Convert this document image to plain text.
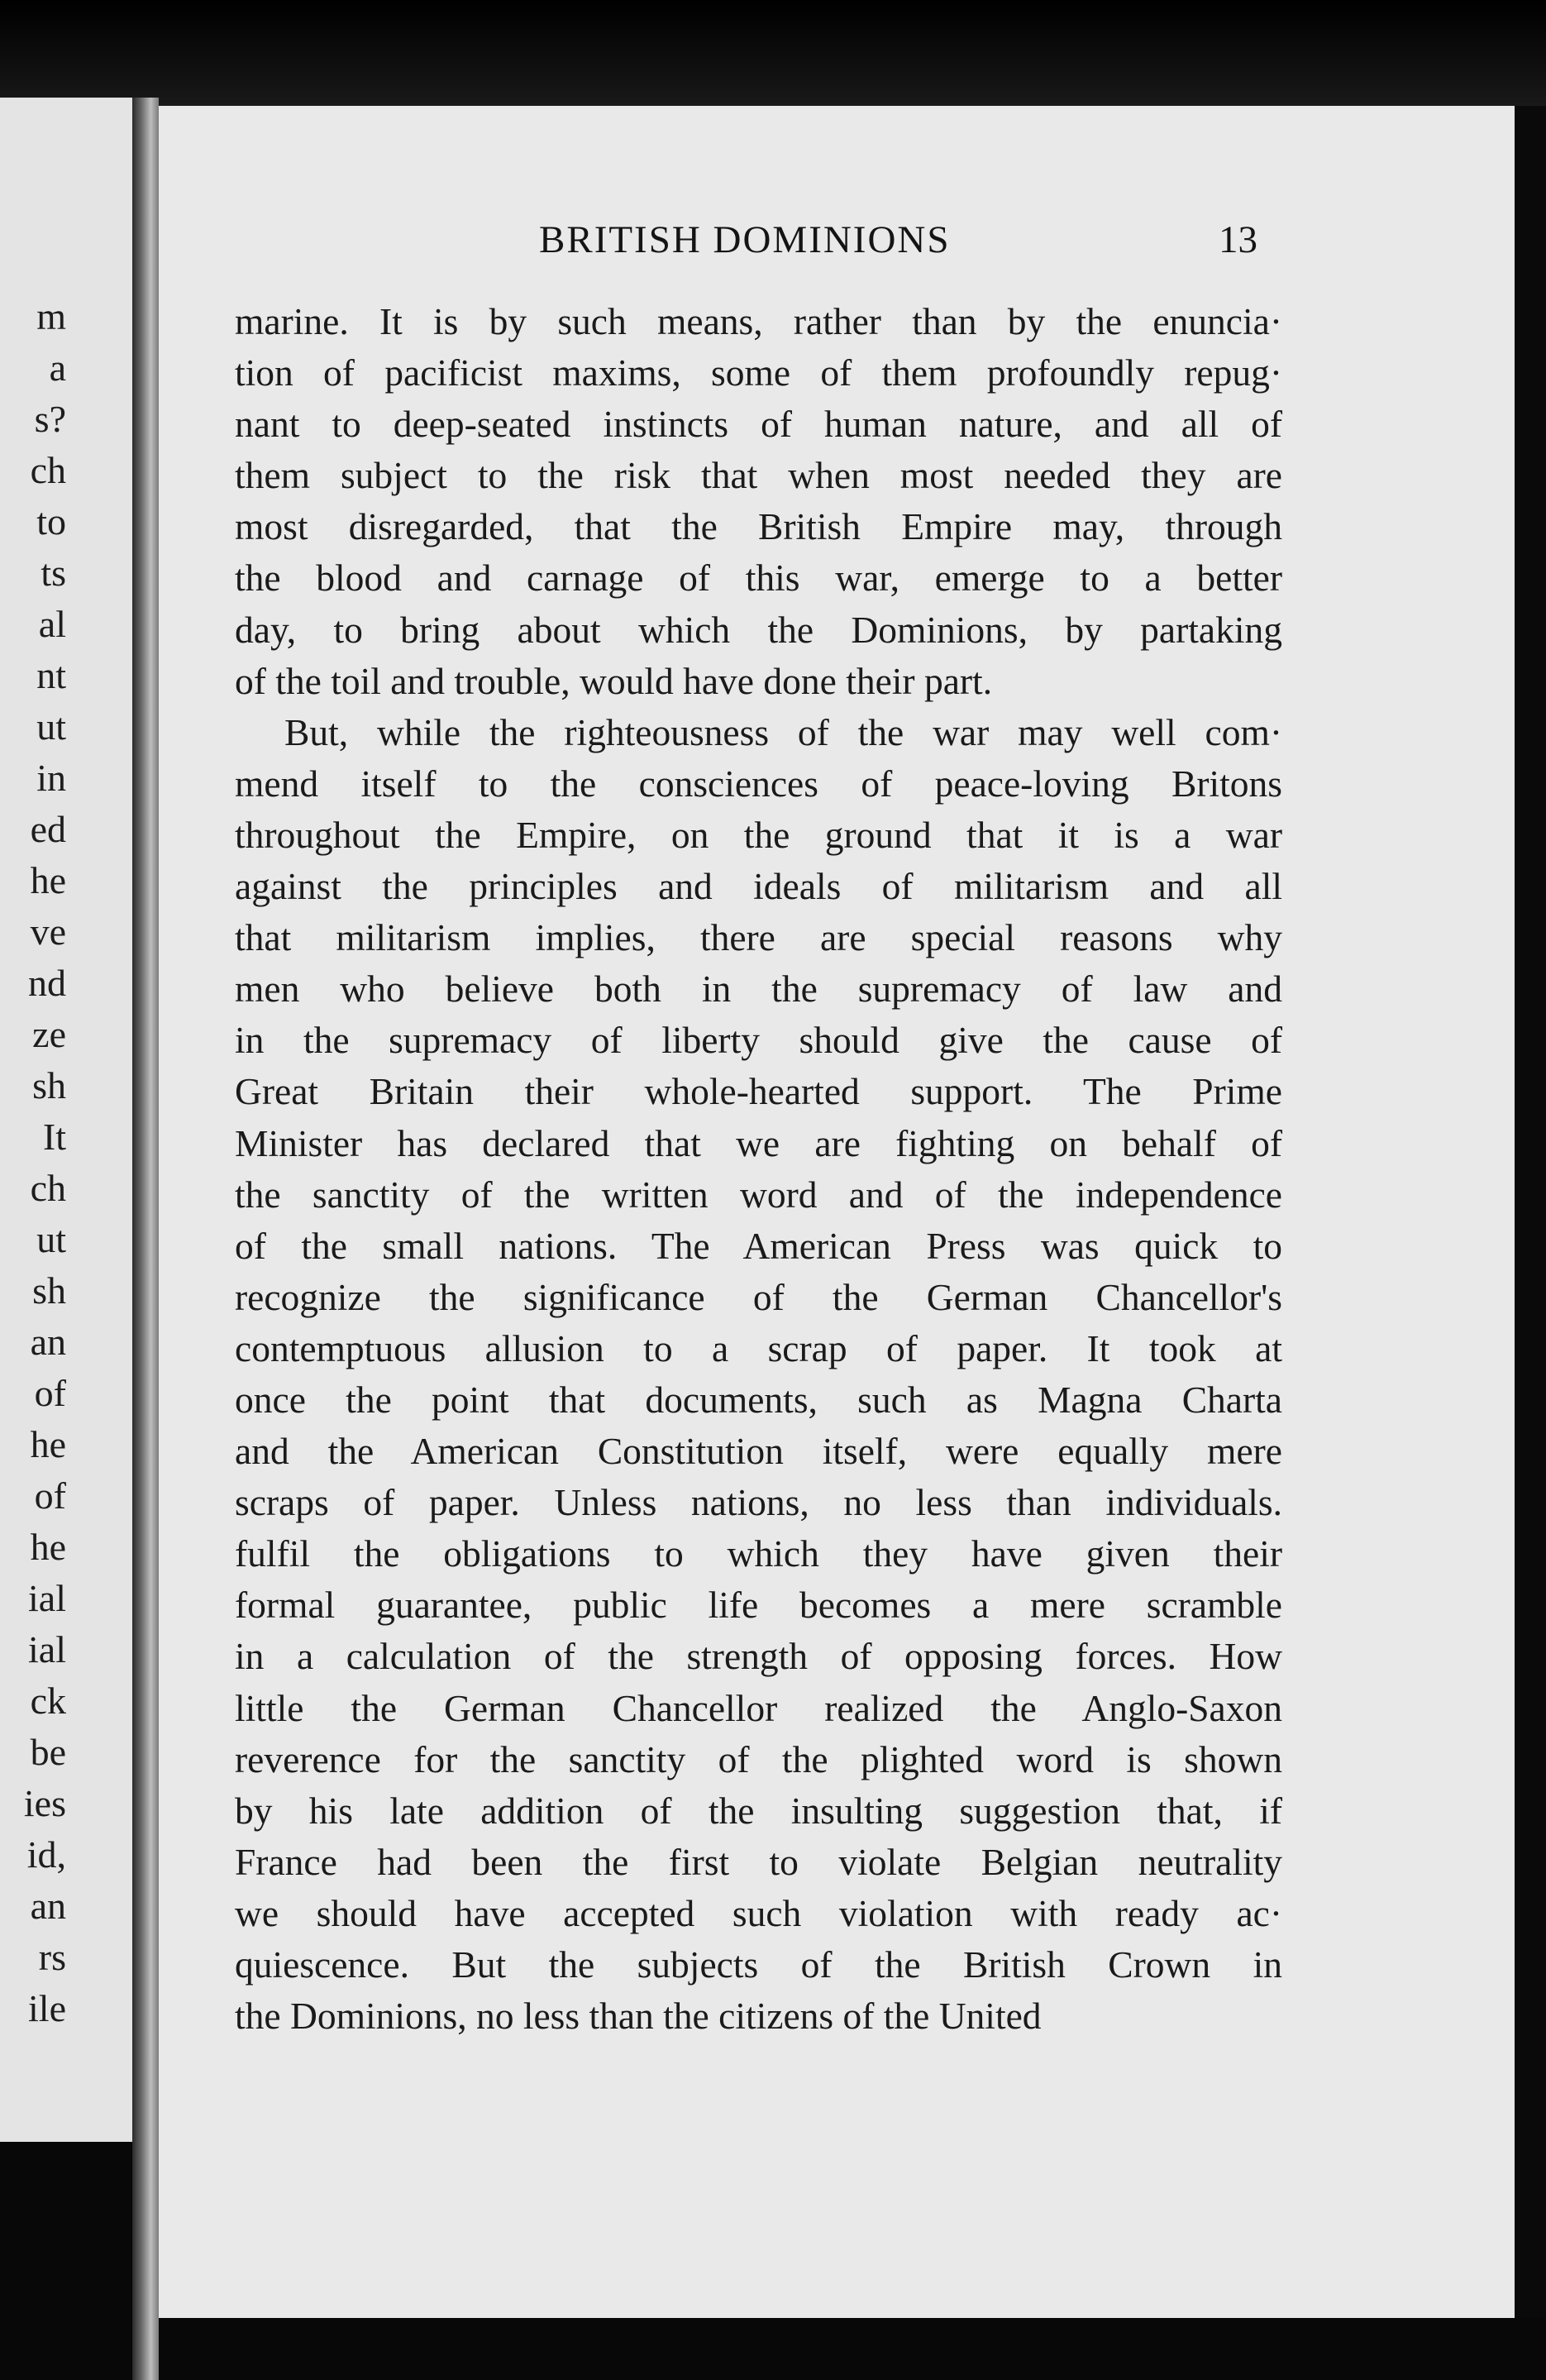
m
a
s?
ch
to
ts
al
nt
ut
in
ed
he
ve
nd
ze
sh
It
ch
ut
sh
an
of
he
of
he
ial
ial
ck
be
ies
id,
an
rs
ile
BRITISH DOMINIONS	13
marine. It is by such means, rather than by the enuncia·
tion of pacificist maxims, some of them profoundly repug·
nant to deep-seated instincts of human nature, and all of
them subject to the risk that when most needed they are
most disregarded, that the British Empire may, through
the blood and carnage of this war, emerge to a better
day, to bring about which the Dominions, by partaking
of the toil and trouble, would have done their part.
But, while the righteousness of the war may well com·
mend itself to the consciences of peace-loving Britons
throughout the Empire, on the ground that it is a war
against the principles and ideals of militarism and all
that militarism implies, there are special reasons why
men who believe both in the supremacy of law and
in the supremacy of liberty should give the cause of
Great Britain their whole-hearted support. The Prime
Minister has declared that we are fighting on behalf of
the sanctity of the written word and of the independence
of the small nations. The American Press was quick to
recognize the significance of the German Chancellor's
contemptuous allusion to a scrap of paper. It took at
once the point that documents, such as Magna Charta
and the American Constitution itself, were equally mere
scraps of paper. Unless nations, no less than individuals.
fulfil the obligations to which they have given their
formal guarantee, public life becomes a mere scramble
in a calculation of the strength of opposing forces. How
little the German Chancellor realized the Anglo-Saxon
reverence for the sanctity of the plighted word is shown
by his late addition of the insulting suggestion that, if
France had been the first to violate Belgian neutrality
we should have accepted such violation with ready ac·
quiescence. But the subjects of the British Crown in
the Dominions, no less than the citizens of the United
